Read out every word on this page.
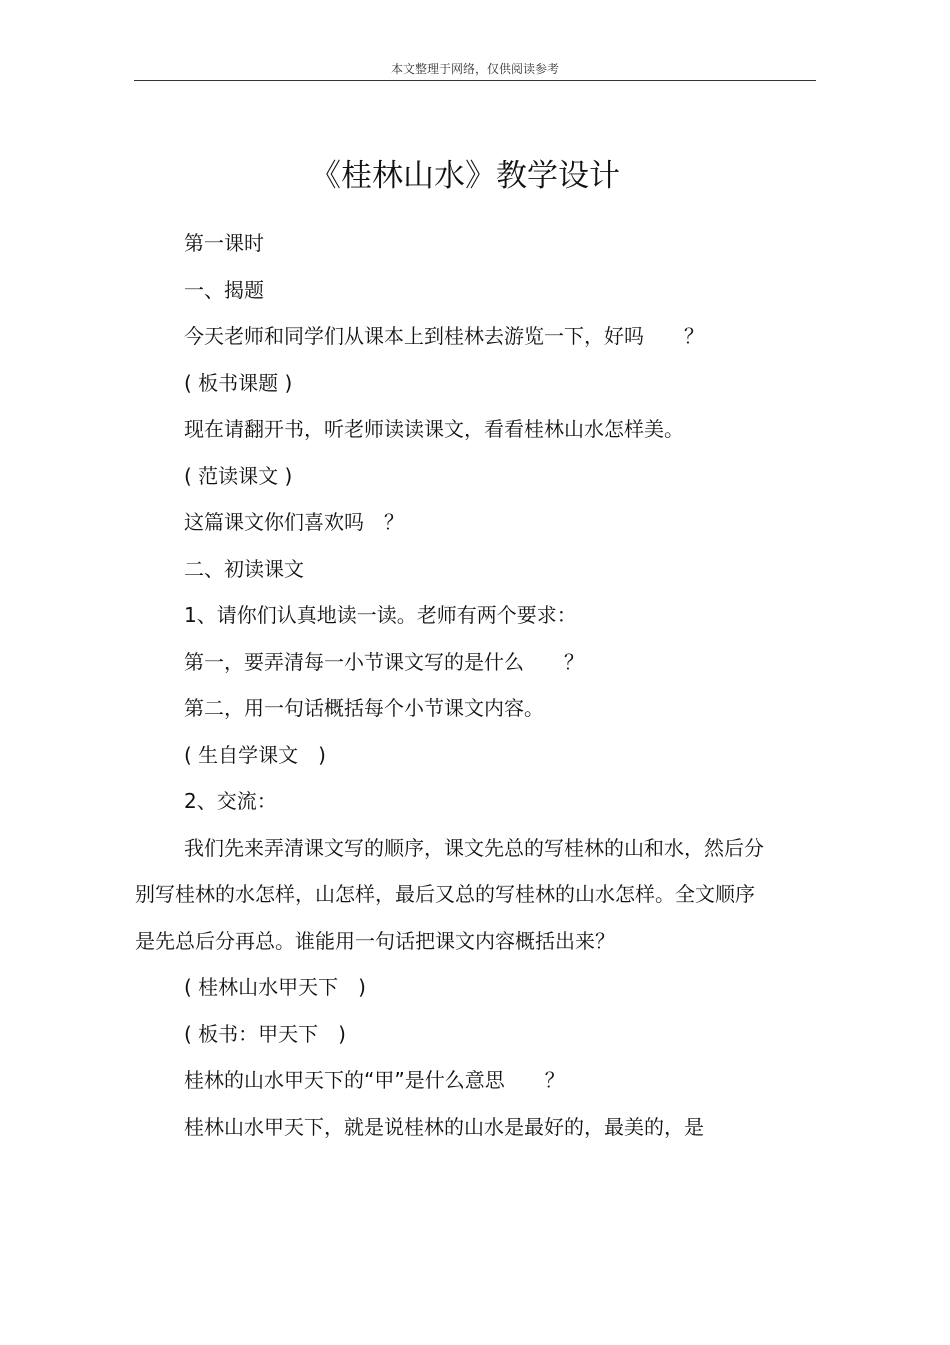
本文整理于网络，仅供阅读参考
《桂林山水》教学设计

第一课时

一、揭题

今天老师和同学们从课本上到桂林去游览一下，好吗　　？

( 板书课题 )

现在请翻开书，听老师读读课文，看看桂林山水怎样美。

( 范读课文 )

这篇课文你们喜欢吗　？

二、初读课文

1、请你们认真地读一读。老师有两个要求：

第一，要弄清每一小节课文写的是什么　　？

第二，用一句话概括每个小节课文内容。

( 生自学课文　)

2、交流：

我们先来弄清课文写的顺序，课文先总的写桂林的山和水，然后分别写桂林的水怎样，山怎样，最后又总的写桂林的山水怎样。全文顺序是先总后分再总。谁能用一句话把课文内容概括出来？

( 桂林山水甲天下　)

( 板书：甲天下　)

桂林的山水甲天下的“甲”是什么意思　　？

桂林山水甲天下，就是说桂林的山水是最好的，最美的，是
